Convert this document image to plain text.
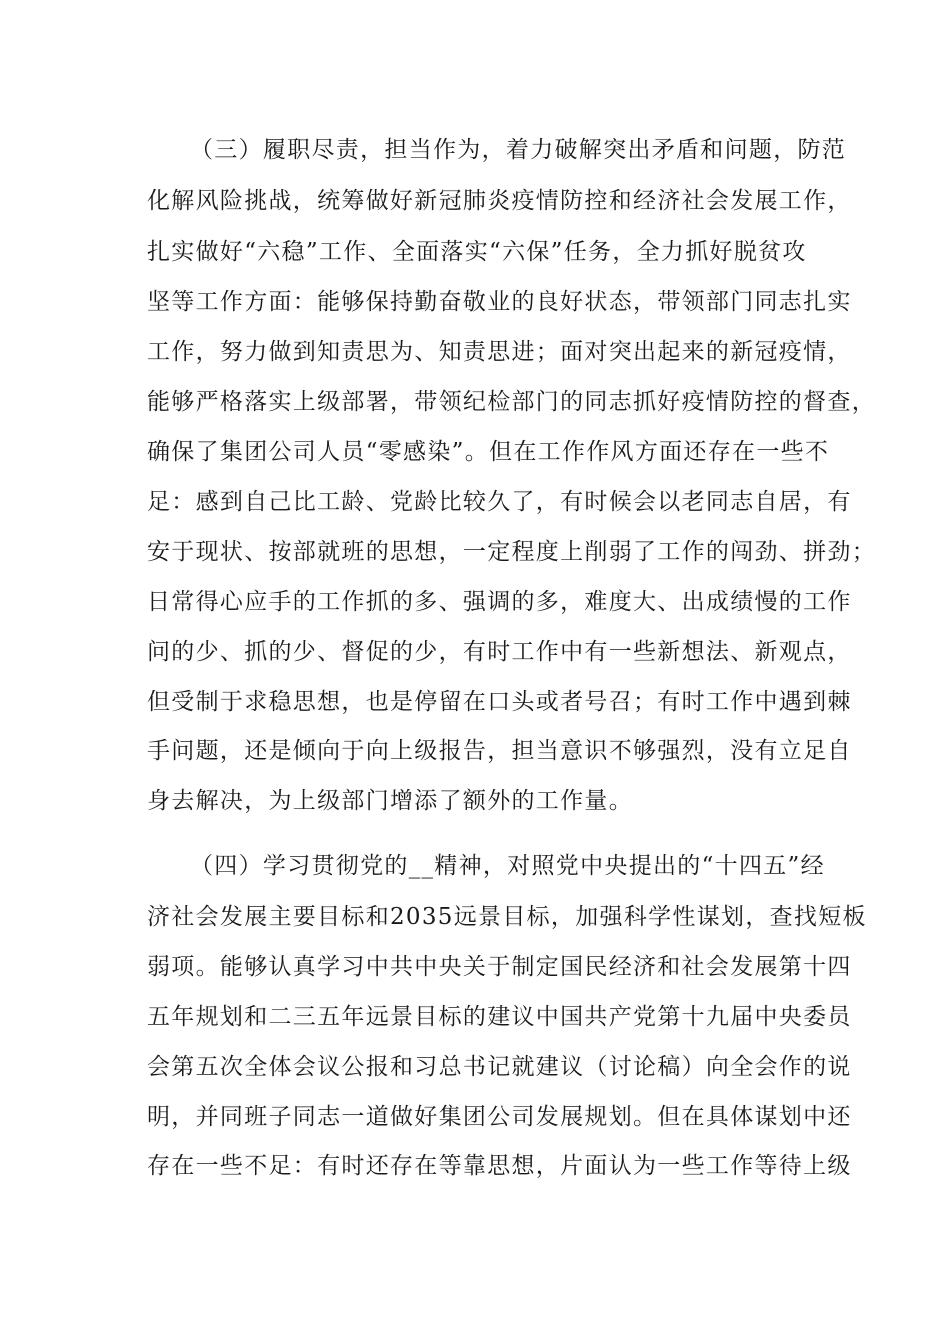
（三）履职尽责，担当作为，着力破解突出矛盾和问题，防范
化解风险挑战，统筹做好新冠肺炎疫情防控和经济社会发展工作，
扎实做好“六稳”工作、全面落实“六保”任务，全力抓好脱贫攻
坚等工作方面：能够保持勤奋敬业的良好状态，带领部门同志扎实
工作，努力做到知责思为、知责思进；面对突出起来的新冠疫情，
能够严格落实上级部署，带领纪检部门的同志抓好疫情防控的督查，
确保了集团公司人员“零感染”。但在工作作风方面还存在一些不
足：感到自己比工龄、党龄比较久了，有时候会以老同志自居，有
安于现状、按部就班的思想，一定程度上削弱了工作的闯劲、拼劲；
日常得心应手的工作抓的多、强调的多，难度大、出成绩慢的工作
问的少、抓的少、督促的少，有时工作中有一些新想法、新观点，
但受制于求稳思想，也是停留在口头或者号召；有时工作中遇到棘
手问题，还是倾向于向上级报告，担当意识不够强烈，没有立足自
身去解决，为上级部门增添了额外的工作量。
（四）学习贯彻党的__精神，对照党中央提出的“十四五”经
济社会发展主要目标和2035远景目标，加强科学性谋划，查找短板
弱项。能够认真学习中共中央关于制定国民经济和社会发展第十四
五年规划和二三五年远景目标的建议中国共产党第十九届中央委员
会第五次全体会议公报和习总书记就建议（讨论稿）向全会作的说
明，并同班子同志一道做好集团公司发展规划。但在具体谋划中还
存在一些不足：有时还存在等靠思想，片面认为一些工作等待上级
